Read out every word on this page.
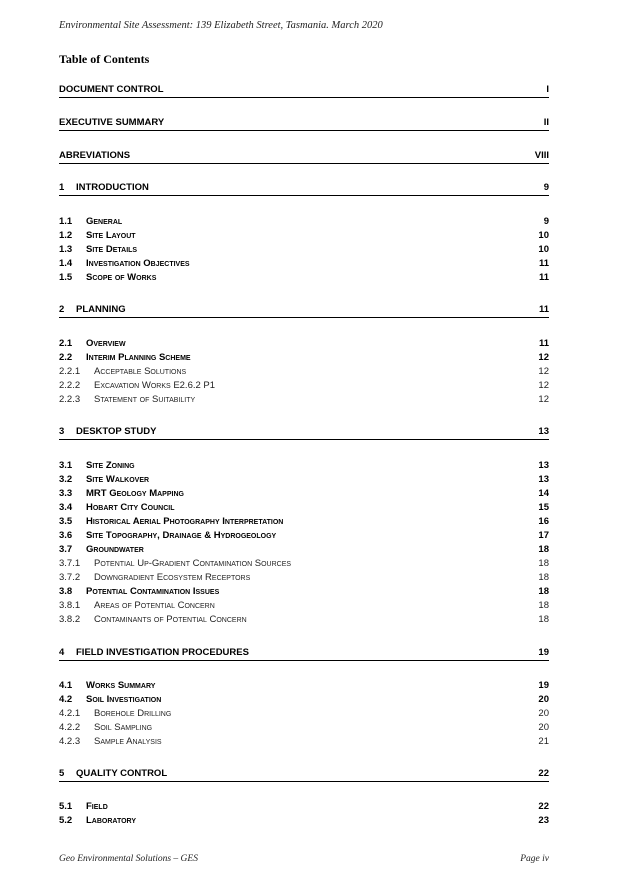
Environmental Site Assessment: 139 Elizabeth Street, Tasmania. March 2020
Table of Contents
DOCUMENT CONTROL	I
EXECUTIVE SUMMARY	II
ABREVIATIONS	VIII
1	INTRODUCTION	9
1.1	General	9
1.2	Site Layout	10
1.3	Site Details	10
1.4	Investigation Objectives	11
1.5	Scope of Works	11
2	PLANNING	11
2.1	Overview	11
2.2	Interim Planning Scheme	12
2.2.1	Acceptable Solutions	12
2.2.2	Excavation Works E2.6.2 P1	12
2.2.3	Statement of Suitability	12
3	DESKTOP STUDY	13
3.1	Site Zoning	13
3.2	Site Walkover	13
3.3	MRT Geology Mapping	14
3.4	Hobart City Council	15
3.5	Historical Aerial Photography Interpretation	16
3.6	Site Topography, Drainage & Hydrogeology	17
3.7	Groundwater	18
3.7.1	Potential Up-Gradient Contamination Sources	18
3.7.2	Downgradient Ecosystem Receptors	18
3.8	Potential Contamination Issues	18
3.8.1	Areas of Potential Concern	18
3.8.2	Contaminants of Potential Concern	18
4	FIELD INVESTIGATION PROCEDURES	19
4.1	Works Summary	19
4.2	Soil Investigation	20
4.2.1	Borehole Drilling	20
4.2.2	Soil Sampling	20
4.2.3	Sample Analysis	21
5	QUALITY CONTROL	22
5.1	Field	22
5.2	Laboratory	23
Geo Environmental Solutions – GES	Page iv
